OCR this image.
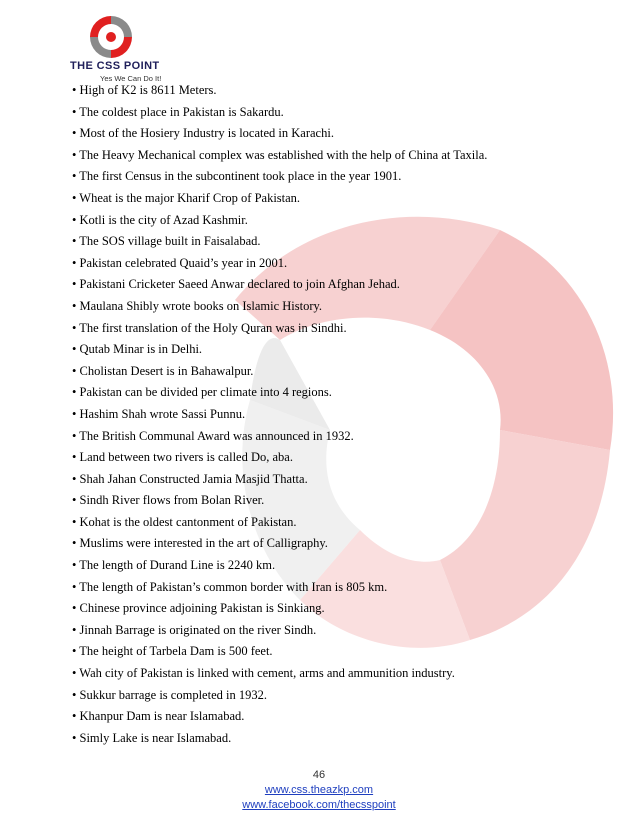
THE CSS POINT
Yes We Can Do It!
• High of K2 is 8611 Meters.
• The coldest place in Pakistan is Sakardu.
• Most of the Hosiery Industry is located in Karachi.
• The Heavy Mechanical complex was established with the help of China at Taxila.
• The first Census in the subcontinent took place in the year 1901.
• Wheat is the major Kharif Crop of Pakistan.
• Kotli is the city of Azad Kashmir.
• The SOS village built in Faisalabad.
• Pakistan celebrated Quaid’s year in 2001.
• Pakistani Cricketer Saeed Anwar declared to join Afghan Jehad.
• Maulana Shibly wrote books on Islamic History.
• The first translation of the Holy Quran was in Sindhi.
• Qutab Minar is in Delhi.
• Cholistan Desert is in Bahawalpur.
• Pakistan can be divided per climate into 4 regions.
• Hashim Shah wrote Sassi Punnu.
• The British Communal Award was announced in 1932.
• Land between two rivers is called Do, aba.
• Shah Jahan Constructed Jamia Masjid Thatta.
• Sindh River flows from Bolan River.
• Kohat is the oldest cantonment of Pakistan.
• Muslims were interested in the art of Calligraphy.
• The length of Durand Line is 2240 km.
• The length of Pakistan’s common border with Iran is 805 km.
• Chinese province adjoining Pakistan is Sinkiang.
• Jinnah Barrage is originated on the river Sindh.
• The height of Tarbela Dam is 500 feet.
• Wah city of Pakistan is linked with cement, arms and ammunition industry.
• Sukkur barrage is completed in 1932.
• Khanpur Dam is near Islamabad.
• Simly Lake is near Islamabad.
46
www.css.theazkp.com
www.facebook.com/thecsspoint
